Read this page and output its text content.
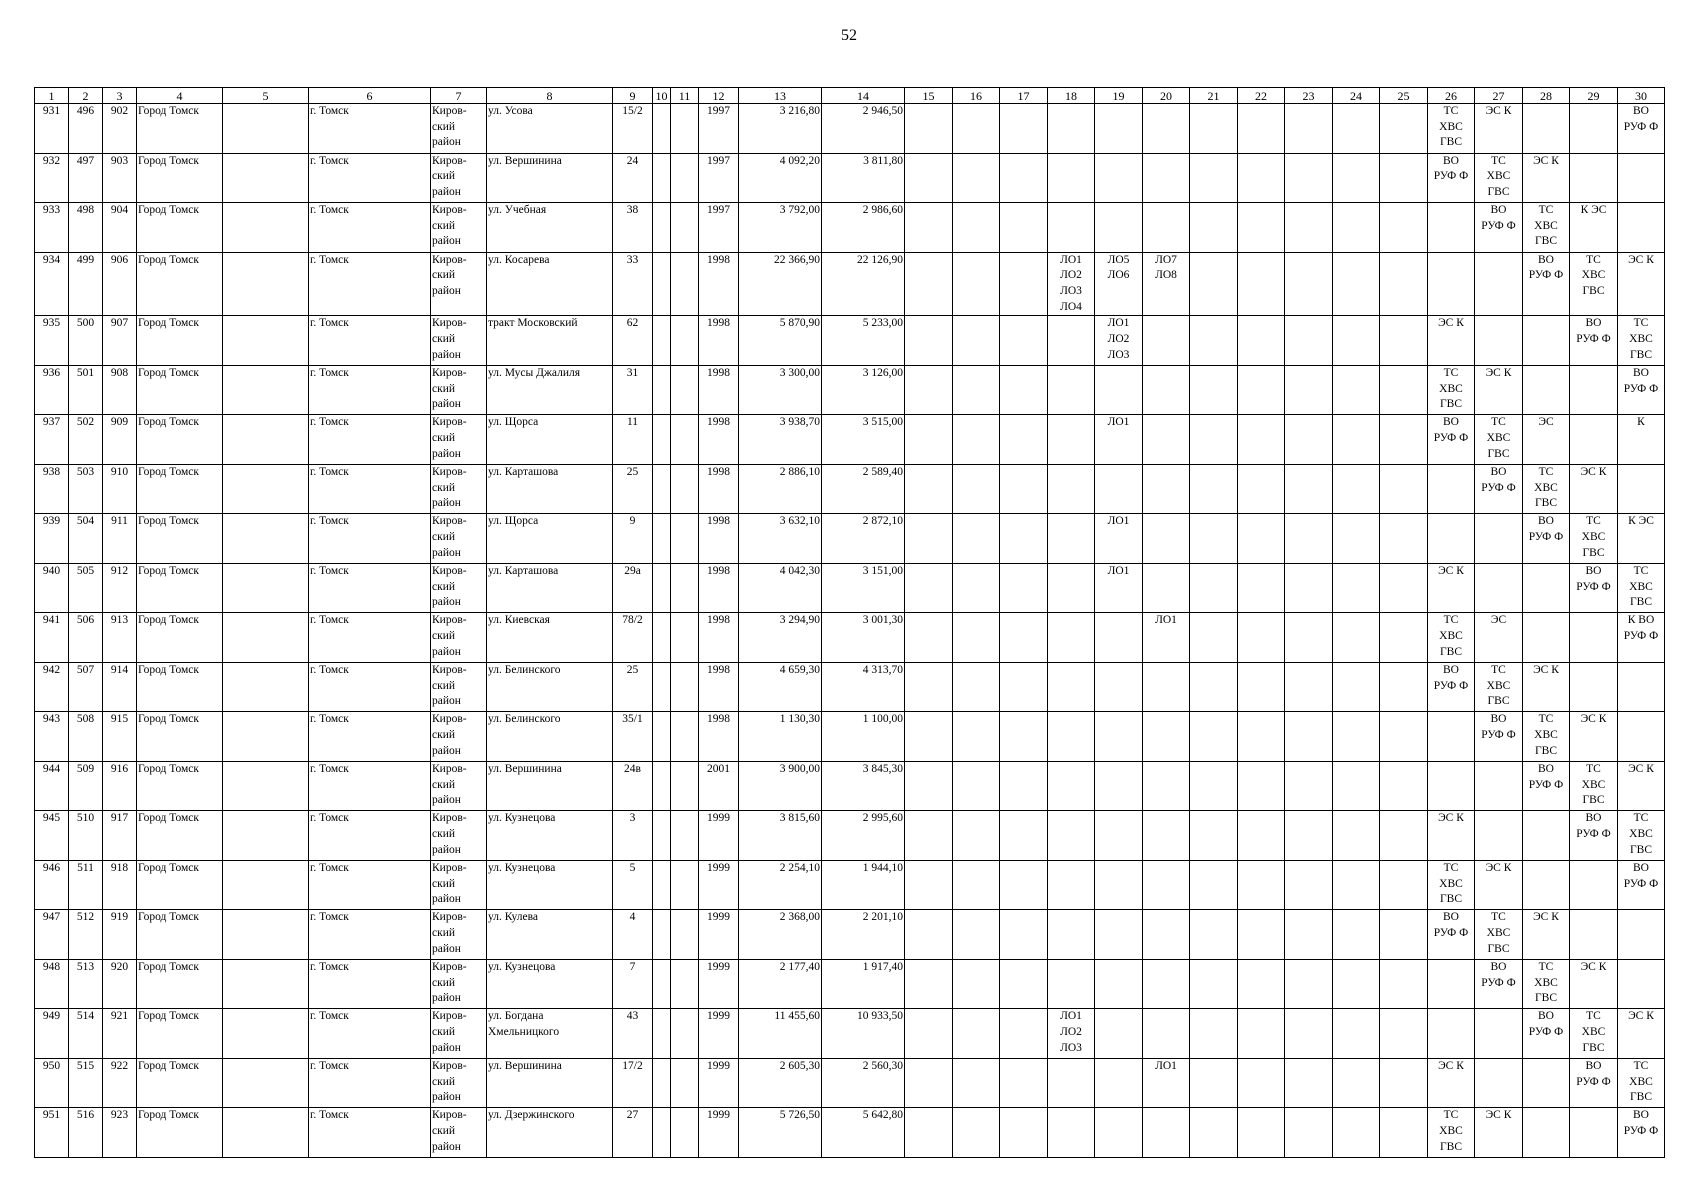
52
1	2	3	4	5	6	7	8	9	10	11	12	13	14	15	16	17	18	19	20	21	22	23	24	25	26	27	28	29	30
931	496	902	Город Томск		г. Томск	Киров-
ский
район	ул. Усова	15/2			1997	3 216,80	2 946,50												ТС
ХВС
ГВС	ЭС К			ВО
РУФ Ф
932	497	903	Город Томск		г. Томск	Киров-
ский
район	ул. Вершинина	24			1997	4 092,20	3 811,80												ВО
РУФ Ф	ТС
ХВС
ГВС	ЭС К		
933	498	904	Город Томск		г. Томск	Киров-
ский
район	ул. Учебная	38			1997	3 792,00	2 986,60													ВО
РУФ Ф	ТС
ХВС
ГВС	К ЭС	
934	499	906	Город Томск		г. Томск	Киров-
ский
район	ул. Косарева	33			1998	22 366,90	22 126,90				ЛО1
ЛО2
ЛО3
ЛО4	ЛО5
ЛО6	ЛО7
ЛО8								ВО
РУФ Ф	ТС
ХВС
ГВС	ЭС К
935	500	907	Город Томск		г. Томск	Киров-
ский
район	тракт Московский	62			1998	5 870,90	5 233,00					ЛО1
ЛО2
ЛО3							ЭС К			ВО
РУФ Ф	ТС
ХВС
ГВС
936	501	908	Город Томск		г. Томск	Киров-
ский
район	ул. Мусы Джалиля	31			1998	3 300,00	3 126,00												ТС
ХВС
ГВС	ЭС К			ВО
РУФ Ф
937	502	909	Город Томск		г. Томск	Киров-
ский
район	ул. Щорса	11			1998	3 938,70	3 515,00					ЛО1							ВО
РУФ Ф	ТС
ХВС
ГВС	ЭС		К
938	503	910	Город Томск		г. Томск	Киров-
ский
район	ул. Карташова	25			1998	2 886,10	2 589,40													ВО
РУФ Ф	ТС
ХВС
ГВС	ЭС К	
939	504	911	Город Томск		г. Томск	Киров-
ский
район	ул. Щорса	9			1998	3 632,10	2 872,10					ЛО1									ВО
РУФ Ф	ТС
ХВС
ГВС	К ЭС
940	505	912	Город Томск		г. Томск	Киров-
ский
район	ул. Карташова	29а			1998	4 042,30	3 151,00					ЛО1							ЭС К			ВО
РУФ Ф	ТС
ХВС
ГВС
941	506	913	Город Томск		г. Томск	Киров-
ский
район	ул. Киевская	78/2			1998	3 294,90	3 001,30						ЛО1						ТС
ХВС
ГВС	ЭС			К ВО
РУФ Ф
942	507	914	Город Томск		г. Томск	Киров-
ский
район	ул. Белинского	25			1998	4 659,30	4 313,70												ВО
РУФ Ф	ТС
ХВС
ГВС	ЭС К		
943	508	915	Город Томск		г. Томск	Киров-
ский
район	ул. Белинского	35/1			1998	1 130,30	1 100,00													ВО
РУФ Ф	ТС
ХВС
ГВС	ЭС К	
944	509	916	Город Томск		г. Томск	Киров-
ский
район	ул. Вершинина	24в			2001	3 900,00	3 845,30														ВО
РУФ Ф	ТС
ХВС
ГВС	ЭС К
945	510	917	Город Томск		г. Томск	Киров-
ский
район	ул. Кузнецова	3			1999	3 815,60	2 995,60												ЭС К			ВО
РУФ Ф	ТС
ХВС
ГВС
946	511	918	Город Томск		г. Томск	Киров-
ский
район	ул. Кузнецова	5			1999	2 254,10	1 944,10												ТС
ХВС
ГВС	ЭС К			ВО
РУФ Ф
947	512	919	Город Томск		г. Томск	Киров-
ский
район	ул. Кулева	4			1999	2 368,00	2 201,10												ВО
РУФ Ф	ТС
ХВС
ГВС	ЭС К		
948	513	920	Город Томск		г. Томск	Киров-
ский
район	ул. Кузнецова	7			1999	2 177,40	1 917,40													ВО
РУФ Ф	ТС
ХВС
ГВС	ЭС К	
949	514	921	Город Томск		г. Томск	Киров-
ский
район	ул. Богдана
Хмельницкого	43			1999	11 455,60	10 933,50				ЛО1
ЛО2
ЛО3										ВО
РУФ Ф	ТС
ХВС
ГВС	ЭС К
950	515	922	Город Томск		г. Томск	Киров-
ский
район	ул. Вершинина	17/2			1999	2 605,30	2 560,30						ЛО1						ЭС К			ВО
РУФ Ф	ТС
ХВС
ГВС
951	516	923	Город Томск		г. Томск	Киров-
ский
район	ул. Дзержинского	27			1999	5 726,50	5 642,80												ТС
ХВС
ГВС	ЭС К			ВО
РУФ Ф
